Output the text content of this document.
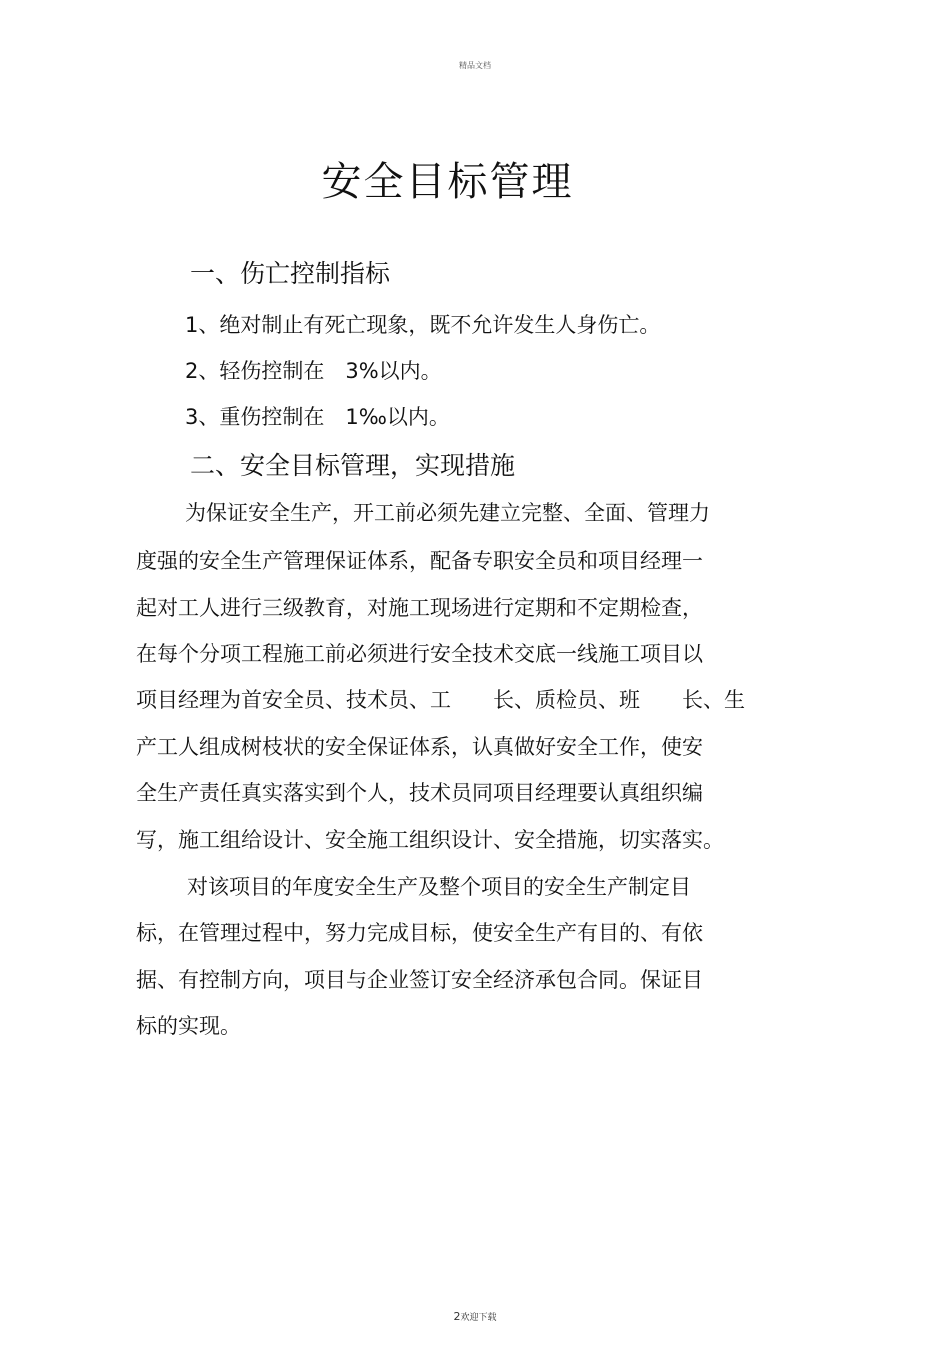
精品文档
安全目标管理
一、伤亡控制指标
1、绝对制止有死亡现象，既不允许发生人身伤亡。
2、轻伤控制在　3%以内。
3、重伤控制在　1‰以内。
二、安全目标管理，实现措施
为保证安全生产，开工前必须先建立完整、全面、管理力
度强的安全生产管理保证体系，配备专职安全员和项目经理一
起对工人进行三级教育，对施工现场进行定期和不定期检查，
在每个分项工程施工前必须进行安全技术交底一线施工项目以
项目经理为首安全员、技术员、工　　长、质检员、班　　长、生
产工人组成树枝状的安全保证体系，认真做好安全工作，使安
全生产责任真实落实到个人，技术员同项目经理要认真组织编
写，施工组给设计、安全施工组织设计、安全措施，切实落实。
对该项目的年度安全生产及整个项目的安全生产制定目
标，在管理过程中，努力完成目标，使安全生产有目的、有依
据、有控制方向，项目与企业签订安全经济承包合同。保证目
标的实现。
2欢迎下载
